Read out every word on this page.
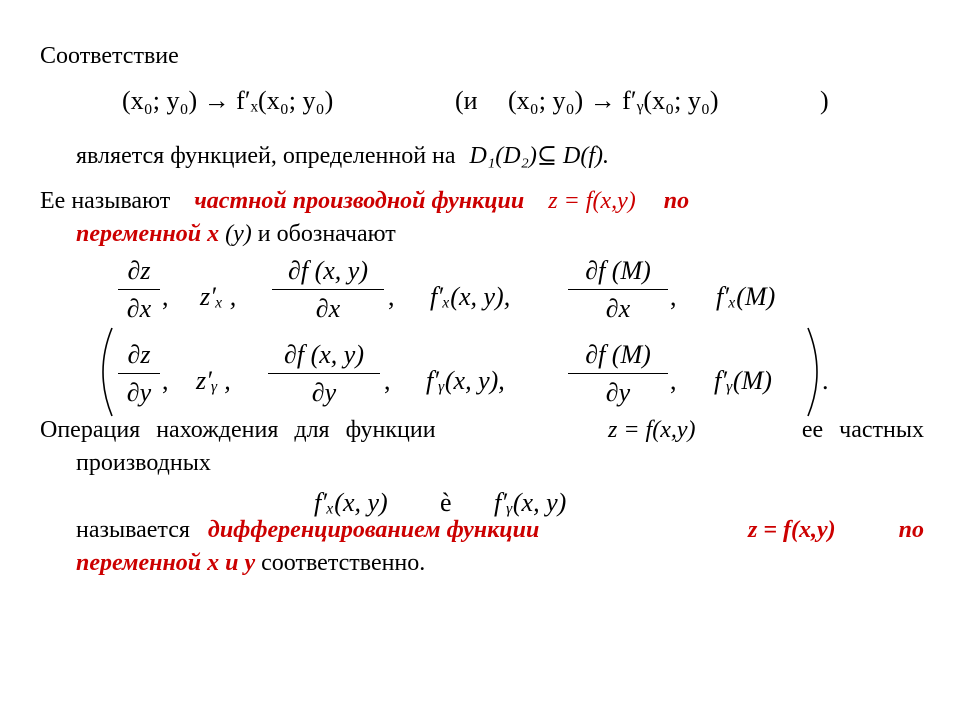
Соответствие
(x₀; y₀) → f′ₓ(x₀; y₀)	(и (x₀; y₀) → f′ᵧ(x₀; y₀)	)
является функцией, определенной на D₁(D₂)⊆ D(f).
Ее называют частной производной функции z = f(x,y) по
переменной x (y) и обозначают
∂z
∂x , z′ₓ ,
∂f (x, y)
∂x	, f′ₓ(x, y),
∂f (M)
∂x	, f′ₓ(M)
∂z
∂y , z′ᵧ ,
∂f (x, y)
∂y	, f′ᵧ(x, y),
∂f (M)
∂y	, f′ᵧ(M) .
Операция нахождения для функции	z = f(x,y)	ее частных
производных
f′ₓ(x, y) è f′ᵧ(x, y)
называется дифференцированием функции	z = f(x,y)	по
переменной x и y соответственно.
